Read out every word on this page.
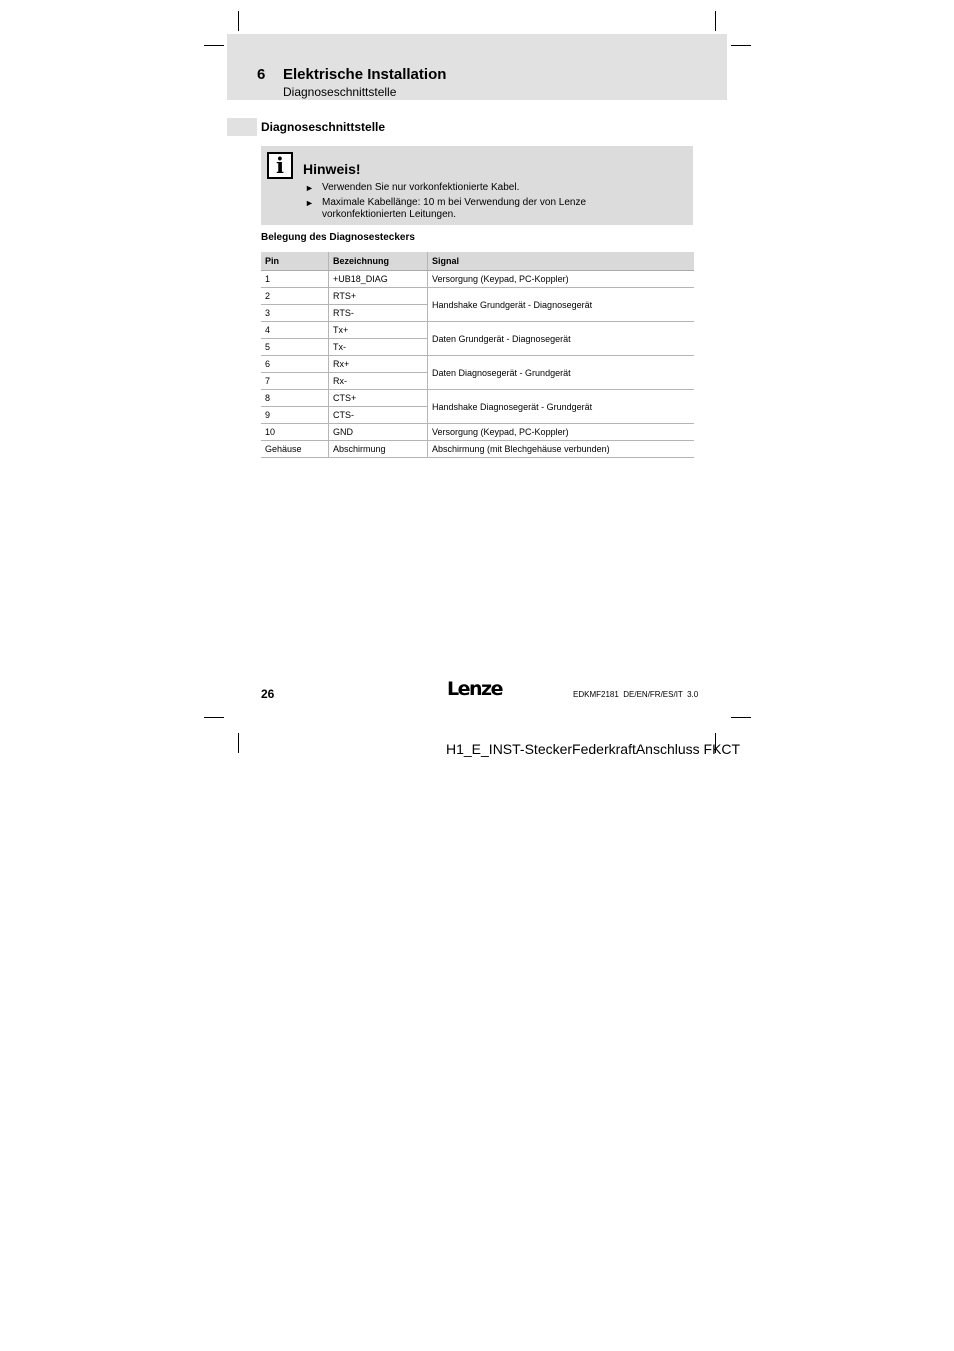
6 Elektrische Installation
Diagnoseschnittstelle
Diagnoseschnittstelle
i	Hinweis!
► Verwenden Sie nur vorkonfektionierte Kabel.
► Maximale Kabellänge: 10 m bei Verwendung der von Lenze vorkonfektionierten Leitungen.
Belegung des Diagnosesteckers
Pin	Bezeichnung	Signal
1	+UB18_DIAG	Versorgung (Keypad, PC-Koppler)
2	RTS+	Handshake Grundgerät - Diagnosegerät
3	RTS-	
4	Tx+	Daten Grundgerät - Diagnosegerät
5	Tx-	
6	Rx+	Daten Diagnosegerät - Grundgerät
7	Rx-	
8	CTS+	Handshake Diagnosegerät - Grundgerät
9	CTS-	
10	GND	Versorgung (Keypad, PC-Koppler)
Gehäuse	Abschirmung	Abschirmung (mit Blechgehäuse verbunden)
26	Lenze	EDKMF2181  DE/EN/FR/ES/IT  3.0
H1_E_INST-SteckerFederkraftAnschluss FKCT
